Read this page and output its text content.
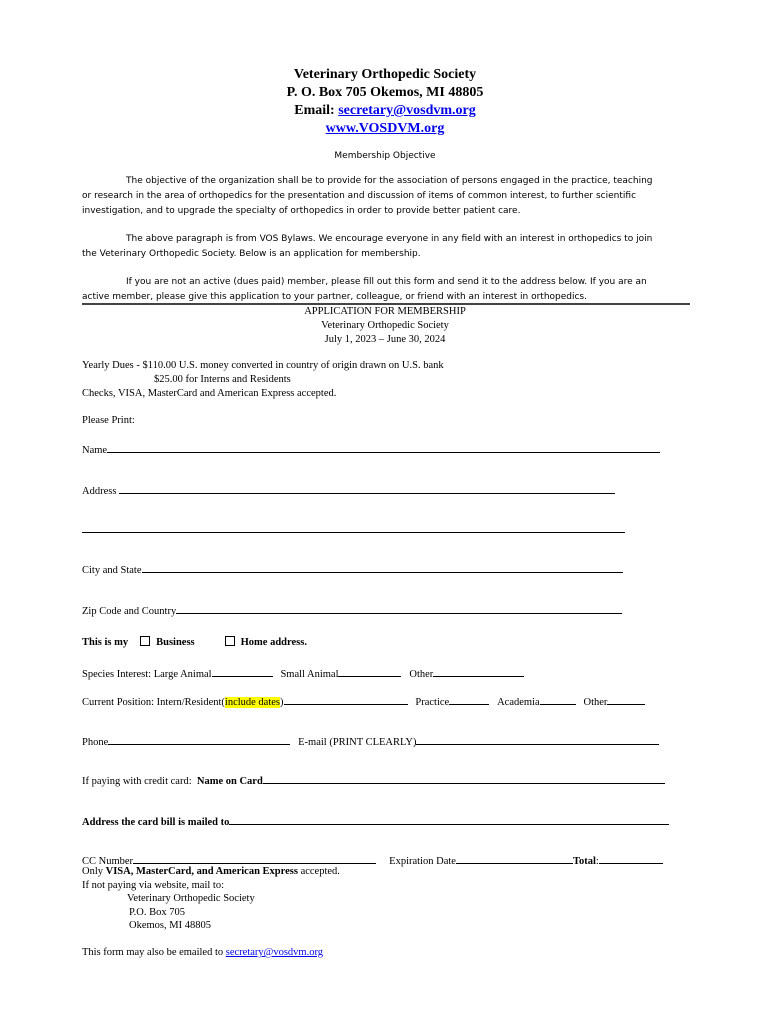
Veterinary Orthopedic Society
P. O. Box 705 Okemos, MI 48805
Email: secretary@vosdvm.org
www.VOSDVM.org
Membership Objective
The objective of the organization shall be to provide for the association of persons engaged in the practice, teaching
or research in the area of orthopedics for the presentation and discussion of items of common interest, to further scientific
investigation, and to upgrade the specialty of orthopedics in order to provide better patient care.
The above paragraph is from VOS Bylaws. We encourage everyone in any field with an interest in orthopedics to join
the Veterinary Orthopedic Society. Below is an application for membership.
If you are not an active (dues paid) member, please fill out this form and send it to the address below. If you are an
active member, please give this application to your partner, colleague, or friend with an interest in orthopedics.
APPLICATION FOR MEMBERSHIP
Veterinary Orthopedic Society
July 1, 2023 – June 30, 2024
Yearly Dues - $110.00 U.S. money converted in country of origin drawn on U.S. bank
$25.00 for Interns and Residents
Checks, VISA, MasterCard and American Express accepted.
Please Print:
Name
Address
City and State
Zip Code and Country
This is my	Business	Home address.
Species Interest: Large Animal	Small Animal	Other
Current Position: Intern/Resident(include dates)	Practice	Academia	Other
Phone	E-mail (PRINT CLEARLY)
If paying with credit card: Name on Card
Address the card bill is mailed to
CC Number	Expiration Date	Total:
Only VISA, MasterCard, and American Express accepted.
If not paying via website, mail to:
Veterinary Orthopedic Society
P.O. Box 705
Okemos, MI 48805
This form may also be emailed to secretary@vosdvm.org
